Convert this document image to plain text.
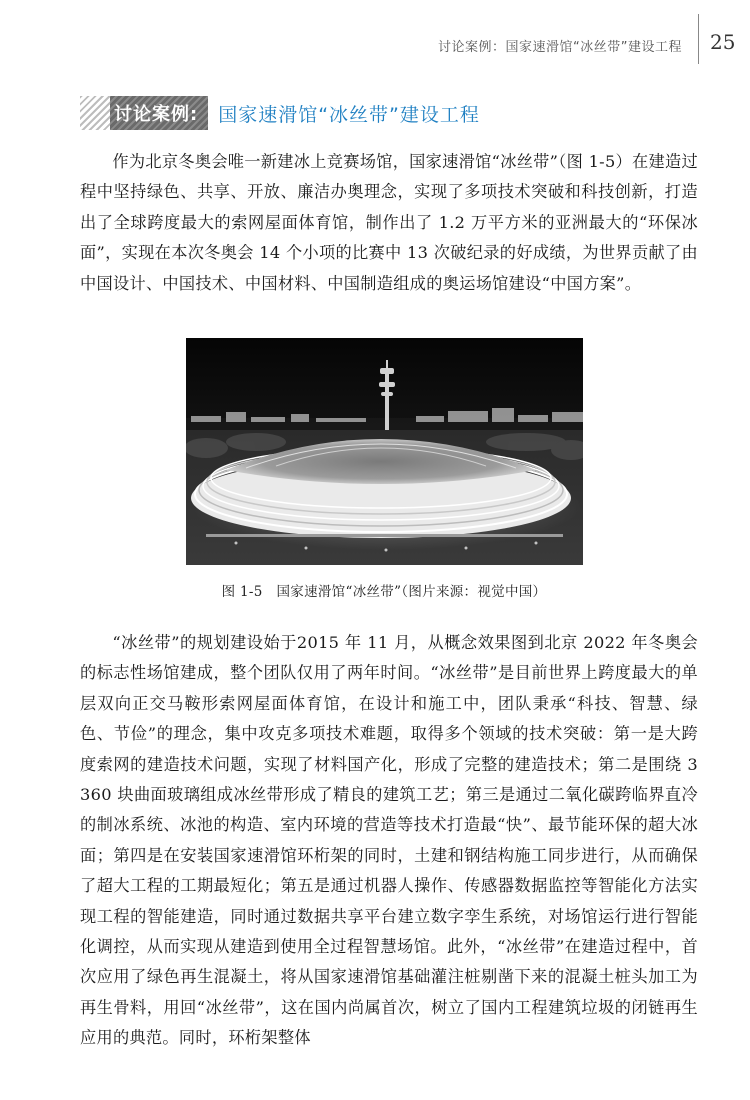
讨论案例：国家速滑馆“冰丝带”建设工程 25
讨论案例:	国家速滑馆“冰丝带”建设工程

作为北京冬奥会唯一新建冰上竞赛场馆，国家速滑馆“冰丝带”（图 1-5）在建造过程中坚持绿色、共享、开放、廉洁办奥理念，实现了多项技术突破和科技创新，打造出了全球跨度最大的索网屋面体育馆，制作出了 1.2 万平方米的亚洲最大的“环保冰面”，实现在本次冬奥会 14 个小项的比赛中 13 次破纪录的好成绩，为世界贡献了由中国设计、中国技术、中国材料、中国制造组成的奥运场馆建设“中国方案”。

图 1-5　国家速滑馆“冰丝带”（图片来源：视觉中国）

“冰丝带”的规划建设始于2015 年 11 月，从概念效果图到北京 2022 年冬奥会的标志性场馆建成，整个团队仅用了两年时间。“冰丝带”是目前世界上跨度最大的单层双向正交马鞍形索网屋面体育馆，在设计和施工中，团队秉承“科技、智慧、绿色、节俭”的理念，集中攻克多项技术难题，取得多个领域的技术突破：第一是大跨度索网的建造技术问题，实现了材料国产化，形成了完整的建造技术；第二是围绕 3 360 块曲面玻璃组成冰丝带形成了精良的建筑工艺；第三是通过二氧化碳跨临界直冷的制冰系统、冰池的构造、室内环境的营造等技术打造最“快”、最节能环保的超大冰面；第四是在安装国家速滑馆环桁架的同时，土建和钢结构施工同步进行，从而确保了超大工程的工期最短化；第五是通过机器人操作、传感器数据监控等智能化方法实现工程的智能建造，同时通过数据共享平台建立数字孪生系统，对场馆运行进行智能化调控，从而实现从建造到使用全过程智慧场馆。此外，“冰丝带”在建造过程中，首次应用了绿色再生混凝土，将从国家速滑馆基础灌注桩剔凿下来的混凝土桩头加工为再生骨料，用回“冰丝带”，这在国内尚属首次，树立了国内工程建筑垃圾的闭链再生应用的典范。同时，环桁架整体
